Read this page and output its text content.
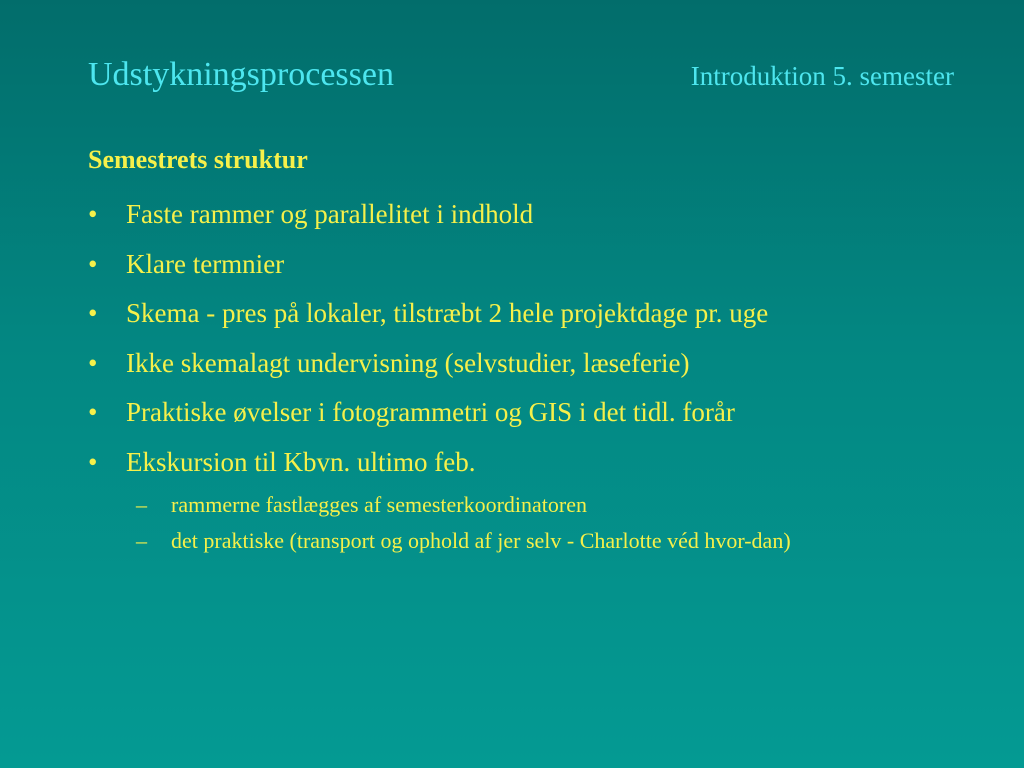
Udstykningsprocessen	Introduktion 5. semester
Semestrets struktur
• Faste rammer og parallelitet i indhold
• Klare termnier
• Skema - pres på lokaler, tilstræbt 2 hele projektdage pr. uge
• Ikke skemalagt undervisning (selvstudier, læseferie)
• Praktiske øvelser i fotogrammetri og GIS i det tidl. forår
• Ekskursion til Kbvn. ultimo feb.
– rammerne fastlægges af semesterkoordinatoren
– det praktiske (transport og ophold af jer selv - Charlotte véd hvor-dan)
